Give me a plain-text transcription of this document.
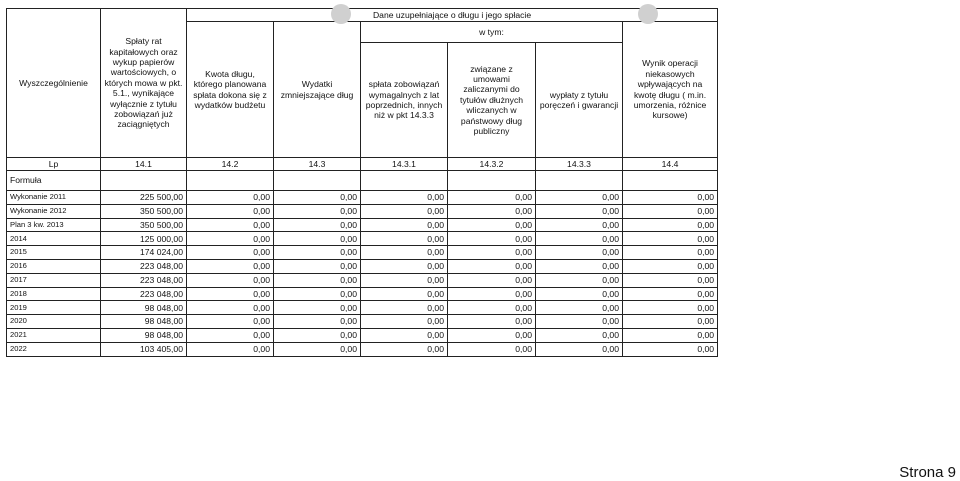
Wyszczególnienie	Spłaty rat kapitałowych oraz wykup papierów wartościowych, o których mowa w pkt. 5.1., wynikające wyłącznie z tytułu zobowiązań już zaciągniętych	Dane uzupełniające o długu i jego spłacie					
		Kwota długu, którego planowana spłata dokona się z wydatków budżetu	Wydatki zmniejszające dług	w tym:			Wynik operacji niekasowych wpływających na kwotę długu ( m.in. umorzenia, różnice kursowe)
				spłata zobowiązań wymagalnych z lat poprzednich, innych niż w pkt 14.3.3	związane z umowami zaliczanymi do tytułów dłużnych wliczanych w państwowy dług publiczny	wypłaty z tytułu poręczeń i gwarancji	
Lp	14.1	14.2	14.3	14.3.1	14.3.2	14.3.3	14.4
Formuła							
Wykonanie 2011	225 500,00	0,00	0,00	0,00	0,00	0,00	0,00
Wykonanie 2012	350 500,00	0,00	0,00	0,00	0,00	0,00	0,00
Plan 3 kw. 2013	350 500,00	0,00	0,00	0,00	0,00	0,00	0,00
2014	125 000,00	0,00	0,00	0,00	0,00	0,00	0,00
2015	174 024,00	0,00	0,00	0,00	0,00	0,00	0,00
2016	223 048,00	0,00	0,00	0,00	0,00	0,00	0,00
2017	223 048,00	0,00	0,00	0,00	0,00	0,00	0,00
2018	223 048,00	0,00	0,00	0,00	0,00	0,00	0,00
2019	98 048,00	0,00	0,00	0,00	0,00	0,00	0,00
2020	98 048,00	0,00	0,00	0,00	0,00	0,00	0,00
2021	98 048,00	0,00	0,00	0,00	0,00	0,00	0,00
2022	103 405,00	0,00	0,00	0,00	0,00	0,00	0,00
Strona 9
